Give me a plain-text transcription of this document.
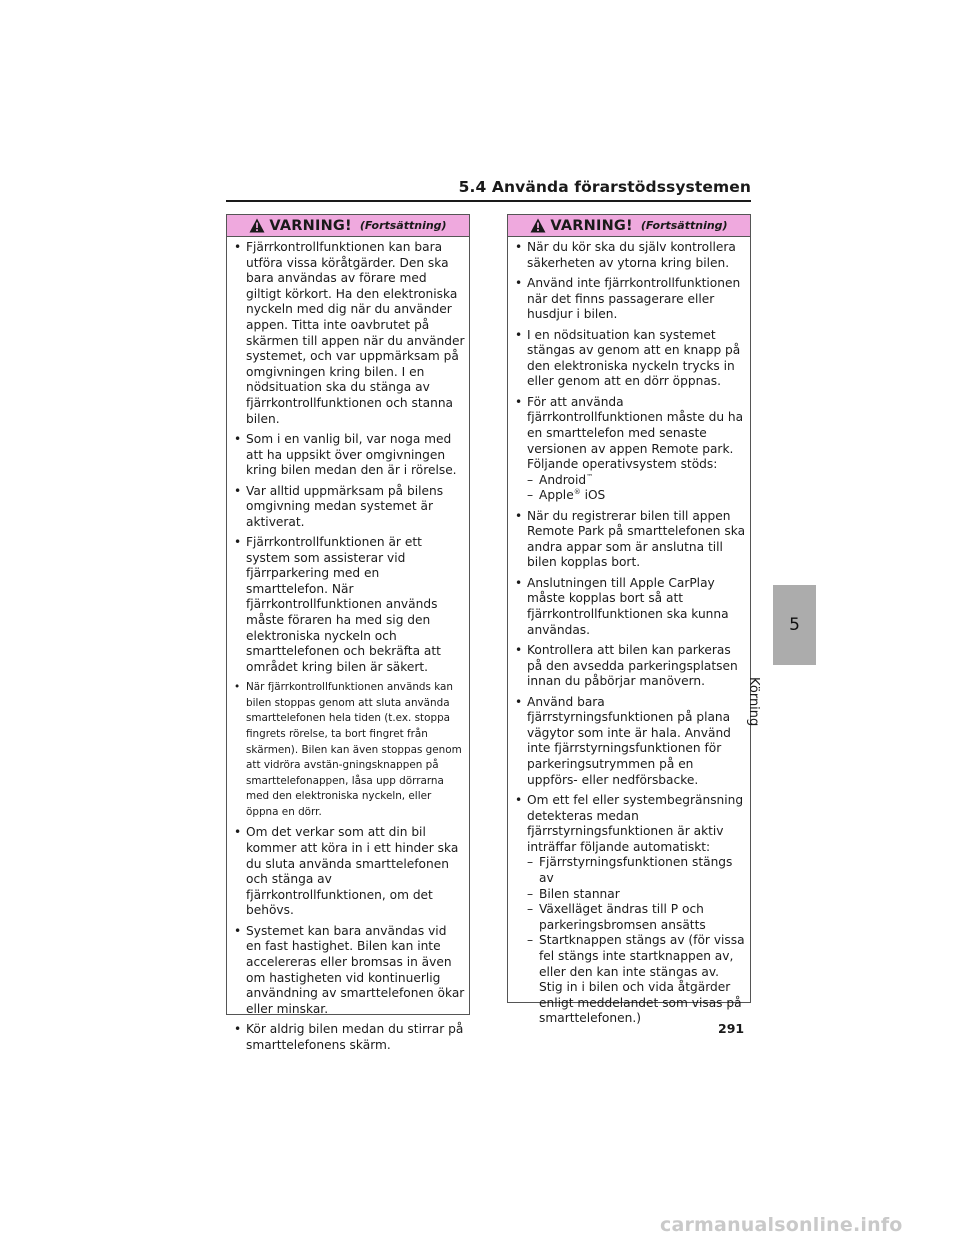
5.4 Använda förarstödssystemen
VARNING! (Fortsättning)
• Fjärrkontrollfunktionen kan bara utföra vissa köråtgärder. Den ska bara användas av förare med giltigt körkort. Ha den elektroniska nyckeln med dig när du använder appen. Titta inte oavbrutet på skärmen till appen när du använder systemet, och var uppmärksam på omgivningen kring bilen. I en nödsituation ska du stänga av fjärrkontrollfunktionen och stanna bilen.
• Som i en vanlig bil, var noga med att ha uppsikt över omgivningen kring bilen medan den är i rörelse.
• Var alltid uppmärksam på bilens omgivning medan systemet är aktiverat.
• Fjärrkontrollfunktionen är ett system som assisterar vid fjärrparkering med en smarttelefon. När fjärrkontrollfunktionen används måste föraren ha med sig den elektroniska nyckeln och smarttelefonen och bekräfta att området kring bilen är säkert.
• När fjärrkontrollfunktionen används kan bilen stoppas genom att sluta använda smarttelefonen hela tiden (t.ex. stoppa fingrets rörelse, ta bort fingret från skärmen). Bilen kan även stoppas genom att vidröra avstän-gningsknappen på smarttelefonappen, låsa upp dörrarna med den elektroniska nyckeln, eller öppna en dörr.
• Om det verkar som att din bil kommer att köra in i ett hinder ska du sluta använda smarttelefonen och stänga av fjärrkontrollfunktionen, om det behövs.
• Systemet kan bara användas vid en fast hastighet. Bilen kan inte accelereras eller bromsas in även om hastigheten vid kontinuerlig användning av smarttelefonen ökar eller minskar.
• Kör aldrig bilen medan du stirrar på smarttelefonens skärm.
VARNING! (Fortsättning)
• När du kör ska du själv kontrollera säkerheten av ytorna kring bilen.
• Använd inte fjärrkontrollfunktionen när det finns passagerare eller husdjur i bilen.
• I en nödsituation kan systemet stängas av genom att en knapp på den elektroniska nyckeln trycks in eller genom att en dörr öppnas.
• För att använda fjärrkontrollfunktionen måste du ha en smarttelefon med senaste versionen av appen Remote park. Följande operativsystem stöds:
– Android™
– Apple® iOS
• När du registrerar bilen till appen Remote Park på smarttelefonen ska andra appar som är anslutna till bilen kopplas bort.
• Anslutningen till Apple CarPlay måste kopplas bort så att fjärrkontrollfunktionen ska kunna användas.
• Kontrollera att bilen kan parkeras på den avsedda parkeringsplatsen innan du påbörjar manövern.
• Använd bara fjärrstyrningsfunktionen på plana vägytor som inte är hala. Använd inte fjärrstyrningsfunktionen för parkeringsutrymmen på en uppförs- eller nedförsbacke.
• Om ett fel eller systembegränsning detekteras medan fjärrstyrningsfunktionen är aktiv inträffar följande automatiskt:
– Fjärrstyrningsfunktionen stängs av
– Bilen stannar
– Växelläget ändras till P och parkeringsbromsen ansätts
– Startknappen stängs av (för vissa fel stängs inte startknappen av, eller den kan inte stängas av. Stig in i bilen och vida åtgärder enligt meddelandet som visas på smarttelefonen.)
5
Körning
291
carmanualsonline.info
